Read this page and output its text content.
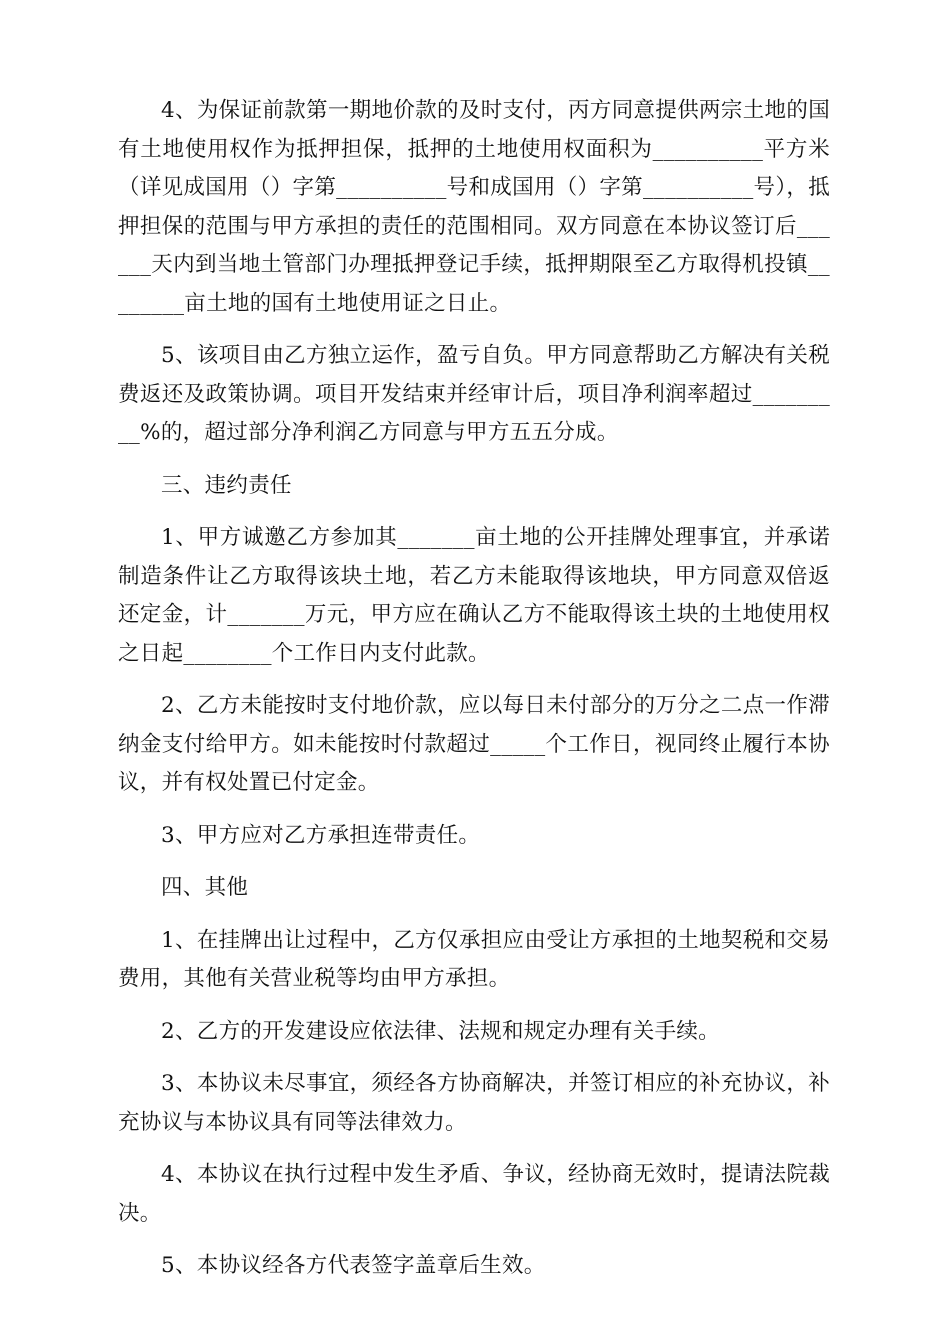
4、为保证前款第一期地价款的及时支付，丙方同意提供两宗土地的国有土地使用权作为抵押担保，抵押的土地使用权面积为__________平方米（详见成国用（）字第__________号和成国用（）字第__________号），抵押担保的范围与甲方承担的责任的范围相同。双方同意在本协议签订后______天内到当地土管部门办理抵押登记手续，抵押期限至乙方取得机投镇________亩土地的国有土地使用证之日止。

5、该项目由乙方独立运作，盈亏自负。甲方同意帮助乙方解决有关税费返还及政策协调。项目开发结束并经审计后，项目净利润率超过_________%的，超过部分净利润乙方同意与甲方五五分成。

三、违约责任

1、甲方诚邀乙方参加其_______亩土地的公开挂牌处理事宜，并承诺制造条件让乙方取得该块土地，若乙方未能取得该地块，甲方同意双倍返还定金，计_______万元，甲方应在确认乙方不能取得该土块的土地使用权之日起________个工作日内支付此款。

2、乙方未能按时支付地价款，应以每日未付部分的万分之二点一作滞纳金支付给甲方。如未能按时付款超过_____个工作日，视同终止履行本协议，并有权处置已付定金。

3、甲方应对乙方承担连带责任。

四、其他

1、在挂牌出让过程中，乙方仅承担应由受让方承担的土地契税和交易费用，其他有关营业税等均由甲方承担。

2、乙方的开发建设应依法律、法规和规定办理有关手续。

3、本协议未尽事宜，须经各方协商解决，并签订相应的补充协议，补充协议与本协议具有同等法律效力。

4、本协议在执行过程中发生矛盾、争议，经协商无效时，提请法院裁决。

5、本协议经各方代表签字盖章后生效。
